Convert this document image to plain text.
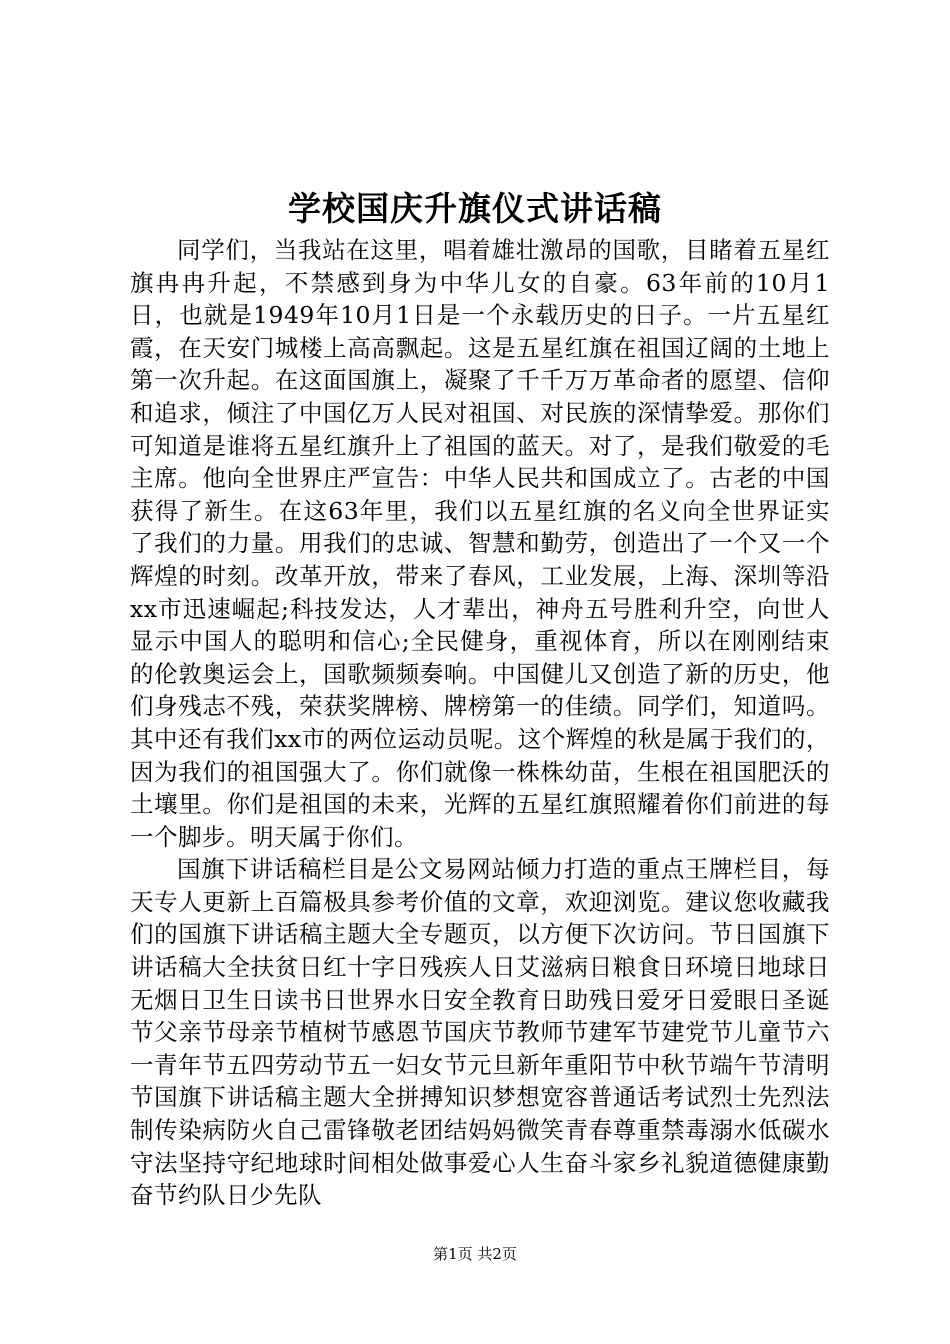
学校国庆升旗仪式讲话稿

同学们，当我站在这里，唱着雄壮激昂的国歌，目睹着五星红旗冉冉升起，不禁感到身为中华儿女的自豪。63年前的10月1日，也就是1949年10月1日是一个永载历史的日子。一片五星红霞，在天安门城楼上高高飘起。这是五星红旗在祖国辽阔的土地上第一次升起。在这面国旗上，凝聚了千千万万革命者的愿望、信仰和追求，倾注了中国亿万人民对祖国、对民族的深情挚爱。那你们可知道是谁将五星红旗升上了祖国的蓝天。对了，是我们敬爱的毛主席。他向全世界庄严宣告：中华人民共和国成立了。古老的中国获得了新生。在这63年里，我们以五星红旗的名义向全世界证实了我们的力量。用我们的忠诚、智慧和勤劳，创造出了一个又一个辉煌的时刻。改革开放，带来了春风，工业发展，上海、深圳等沿xx市迅速崛起;科技发达，人才辈出，神舟五号胜利升空，向世人显示中国人的聪明和信心;全民健身，重视体育，所以在刚刚结束的伦敦奥运会上，国歌频频奏响。中国健儿又创造了新的历史，他们身残志不残，荣获奖牌榜、牌榜第一的佳绩。同学们，知道吗。其中还有我们xx市的两位运动员呢。这个辉煌的秋是属于我们的，因为我们的祖国强大了。你们就像一株株幼苗，生根在祖国肥沃的土壤里。你们是祖国的未来，光辉的五星红旗照耀着你们前进的每一个脚步。明天属于你们。

国旗下讲话稿栏目是公文易网站倾力打造的重点王牌栏目，每天专人更新上百篇极具参考价值的文章，欢迎浏览。建议您收藏我们的国旗下讲话稿主题大全专题页，以方便下次访问。节日国旗下讲话稿大全扶贫日红十字日残疾人日艾滋病日粮食日环境日地球日无烟日卫生日读书日世界水日安全教育日助残日爱牙日爱眼日圣诞节父亲节母亲节植树节感恩节国庆节教师节建军节建党节儿童节六一青年节五四劳动节五一妇女节元旦新年重阳节中秋节端午节清明节国旗下讲话稿主题大全拼搏知识梦想宽容普通话考试烈士先烈法制传染病防火自己雷锋敬老团结妈妈微笑青春尊重禁毒溺水低碳水守法坚持守纪地球时间相处做事爱心人生奋斗家乡礼貌道德健康勤奋节约队日少先队

第1页 共2页
